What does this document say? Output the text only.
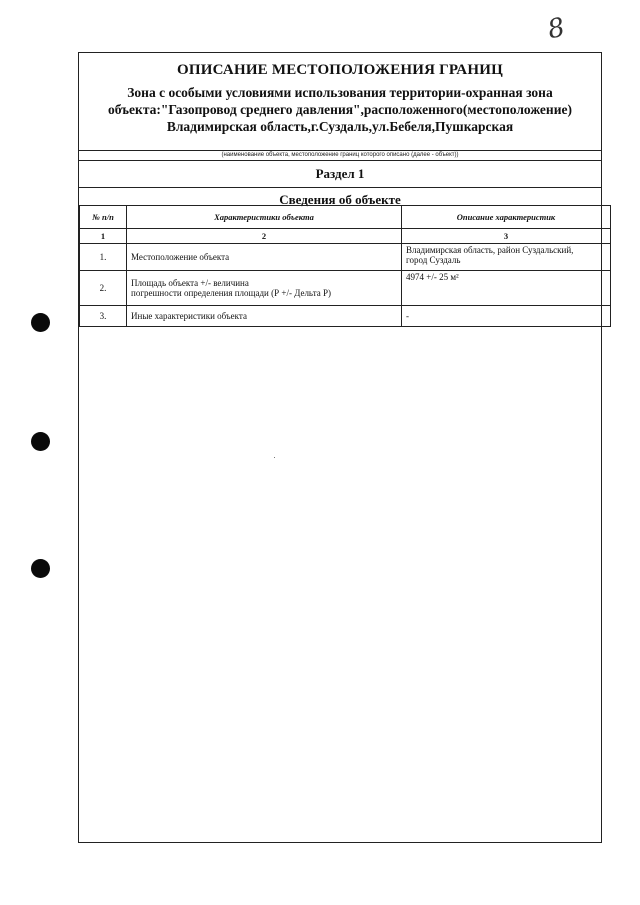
8
ОПИСАНИЕ МЕСТОПОЛОЖЕНИЯ ГРАНИЦ
Зона с особыми условиями использования территории-охранная зона
объекта:"Газопровод среднего давления",расположенного(местоположение)
Владимирская область,г.Суздаль,ул.Бебеля,Пушкарская
(наименование объекта, местоположение границ которого описано (далее - объект))
Раздел 1
Сведения об объекте
№ п/п	Характеристики объекта	Описание характеристик
1	2	3
1.	Местоположение объекта	Владимирская область, район Суздальский,
город Суздаль

2.	Площадь объекта +/- величина
погрешности определения площади (Р +/- Дельта Р)	4974 +/- 25 м²

3.	Иные характеристики объекта	-
